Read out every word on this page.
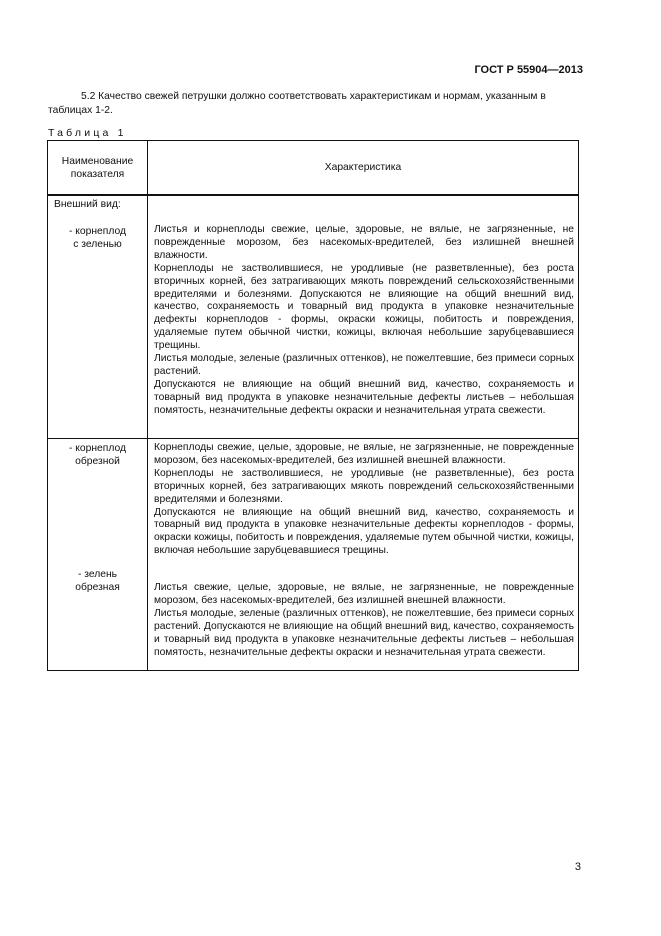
ГОСТ Р 55904—2013
5.2 Качество свежей петрушки должно соответствовать характеристикам и нормам, указанным в таблицах 1-2.
Таблица 1
Наименование
показателя
Характеристика
Внешний вид:
- корнеплод
с зеленью

Листья и корнеплоды свежие, целые, здоровые, не вялые, не загрязненные, не поврежденные морозом, без насекомых-вредителей, без излишней внешней влажности.

Корнеплоды не застволившиеся, не уродливые (не разветвленные), без роста вторичных корней, без затрагивающих мякоть повреждений сельскохозяйственными вредителями и болезнями. Допускаются не влияющие на общий внешний вид, качество, сохраняемость и товарный вид продукта в упаковке незначительные дефекты корнеплодов - формы, окраски кожицы, побитость и повреждения, удаляемые путем обычной чистки, кожицы, включая небольшие зарубцевавшиеся трещины.

Листья молодые, зеленые (различных оттенков), не пожелтевшие, без примеси сорных растений.

Допускаются не влияющие на общий внешний вид, качество, сохраняемость и товарный вид продукта в упаковке незначительные дефекты листьев – небольшая помятость, незначительные дефекты окраски и незначительная утрата свежести.

- корнеплод
обрезной

Корнеплоды свежие, целые, здоровые, не вялые, не загрязненные, не поврежденные морозом, без насекомых-вредителей, без излишней внешней влажности.

Корнеплоды не застволившиеся, не уродливые (не разветвленные), без роста вторичных корней, без затрагивающих мякоть повреждений сельскохозяйственными вредителями и болезнями.

Допускаются не влияющие на общий внешний вид, качество, сохраняемость и товарный вид продукта в упаковке незначительные дефекты корнеплодов - формы, окраски кожицы, побитость и повреждения, удаляемые путем обычной чистки, кожицы, включая небольшие зарубцевавшиеся трещины.

- зелень
обрезная	Листья свежие, целые, здоровые, не вялые, не загрязненные, не поврежденные морозом, без насекомых-вредителей, без излишней внешней влажности.

Листья молодые, зеленые (различных оттенков), не пожелтевшие, без примеси сорных растений. Допускаются не влияющие на общий внешний вид, качество, сохраняемость и товарный вид продукта в упаковке незначительные дефекты листьев – небольшая помятость, незначительные дефекты окраски и незначительная утрата свежести.

3
